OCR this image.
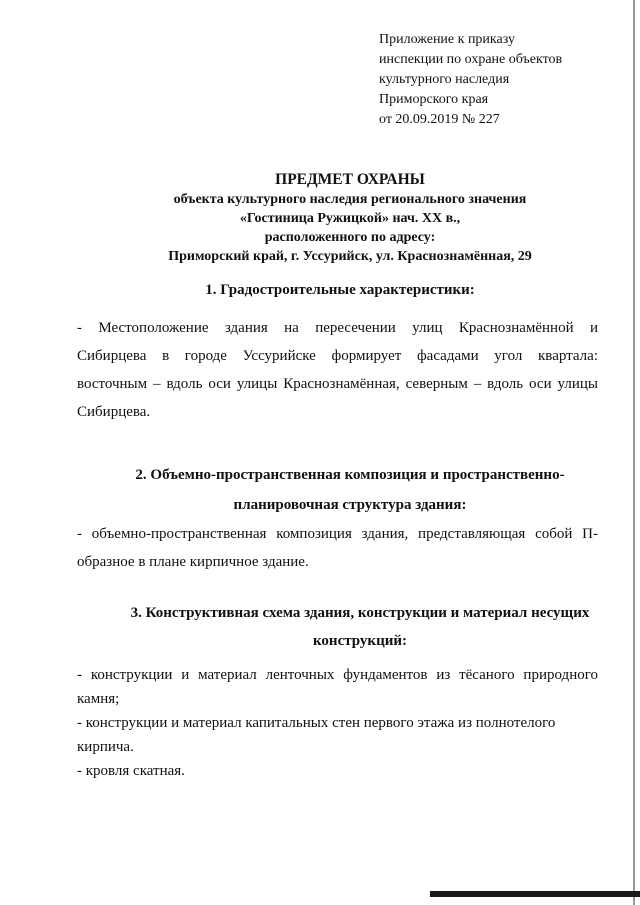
Приложение к приказу
инспекции по охране объектов
культурного наследия
Приморского края
от 20.09.2019 № 227
ПРЕДМЕТ ОХРАНЫ
объекта культурного наследия регионального значения
«Гостиница Ружицкой» нач. XX в.,
расположенного по адресу:
Приморский край, г. Уссурийск, ул. Краснознамённая, 29
1. Градостроительные характеристики:
- Местоположение здания на пересечении улиц Краснознамённой и
Сибирцева в городе Уссурийске формирует фасадами угол квартала:
восточным – вдоль оси улицы Краснознамённая, северным – вдоль оси улицы
Сибирцева.
2. Объемно-пространственная композиция и пространственно-
планировочная структура здания:
- объемно-пространственная композиция здания, представляющая собой П-
образное в плане кирпичное здание.
3. Конструктивная схема здания, конструкции и материал несущих
конструкций:
- конструкции и материал ленточных фундаментов из тёсаного природного
камня;
- конструкции и материал капитальных стен первого этажа из полнотелого
кирпича.
- кровля скатная.
